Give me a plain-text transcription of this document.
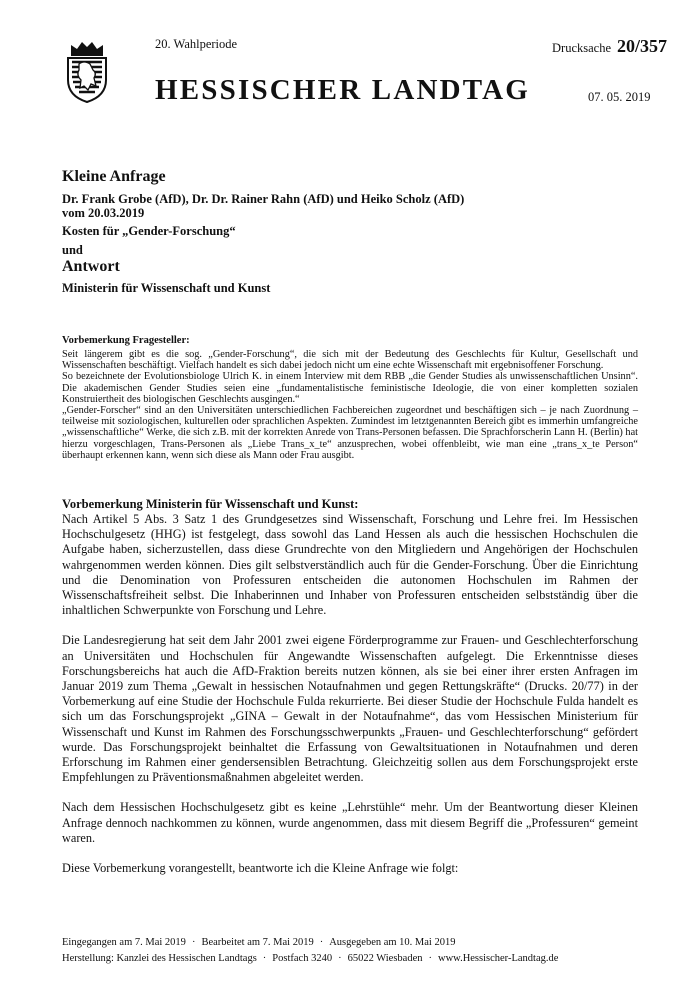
20. Wahlperiode	Drucksache 20/357
HESSISCHER LANDTAG	07. 05. 2019
Kleine Anfrage
Dr. Frank Grobe (AfD), Dr. Dr. Rainer Rahn (AfD) und Heiko Scholz (AfD)
vom 20.03.2019
Kosten für „Gender-Forschung“
und
Antwort
Ministerin für Wissenschaft und Kunst
Vorbemerkung Fragesteller:

Seit längerem gibt es die sog. „Gender-Forschung“, die sich mit der Bedeutung des Geschlechts für Kultur, Gesellschaft und Wissenschaften beschäftigt. Vielfach handelt es sich dabei jedoch nicht um eine echte Wissenschaft mit ergebnisoffener Forschung.

So bezeichnete der Evolutionsbiologe Ulrich K. in einem Interview mit dem RBB „die Gender Studies als unwissenschaftlichen Unsinn“. Die akademischen Gender Studies seien eine „fundamentalistische feministische Ideologie, die von einer kompletten sozialen Konstruiertheit des biologischen Geschlechts ausgingen.“

„Gender-Forscher“ sind an den Universitäten unterschiedlichen Fachbereichen zugeordnet und beschäftigen sich – je nach Zuordnung – teilweise mit soziologischen, kulturellen oder sprachlichen Aspekten. Zumindest im letztgenannten Bereich gibt es immerhin umfangreiche „wissenschaftliche“ Werke, die sich z.B. mit der korrekten Anrede von Trans-Personen befassen. Die Sprachforscherin Lann H. (Berlin) hat hierzu vorgeschlagen, Trans-Personen als „Liebe Trans_x_te“ anzusprechen, wobei offenbleibt, wie man eine „trans_x_te Person“ überhaupt erkennen kann, wenn sich diese als Mann oder Frau ausgibt.

Vorbemerkung Ministerin für Wissenschaft und Kunst:

Nach Artikel 5 Abs. 3 Satz 1 des Grundgesetzes sind Wissenschaft, Forschung und Lehre frei. Im Hessischen Hochschulgesetz (HHG) ist festgelegt, dass sowohl das Land Hessen als auch die hessischen Hochschulen die Aufgabe haben, sicherzustellen, dass diese Grundrechte von den Mitgliedern und Angehörigen der Hochschulen wahrgenommen werden können. Dies gilt selbstverständlich auch für die Gender-Forschung. Über die Einrichtung und die Denomination von Professuren entscheiden die autonomen Hochschulen im Rahmen der Wissenschaftsfreiheit selbst. Die Inhaberinnen und Inhaber von Professuren entscheiden selbstständig über die inhaltlichen Schwerpunkte von Forschung und Lehre.

Die Landesregierung hat seit dem Jahr 2001 zwei eigene Förderprogramme zur Frauen- und Geschlechterforschung an Universitäten und Hochschulen für Angewandte Wissenschaften aufgelegt. Die Erkenntnisse dieses Forschungsbereichs hat auch die AfD-Fraktion bereits nutzen können, als sie bei einer ihrer ersten Anfragen im Januar 2019 zum Thema „Gewalt in hessischen Notaufnahmen und gegen Rettungskräfte“ (Drucks. 20/77) in der Vorbemerkung auf eine Studie der Hochschule Fulda rekurrierte. Bei dieser Studie der Hochschule Fulda handelt es sich um das Forschungsprojekt „GINA – Gewalt in der Notaufnahme“, das vom Hessischen Ministerium für Wissenschaft und Kunst im Rahmen des Forschungsschwerpunkts „Frauen- und Geschlechterforschung“ gefördert wurde. Das Forschungsprojekt beinhaltet die Erfassung von Gewaltsituationen in Notaufnahmen und deren Erforschung im Rahmen einer gendersensiblen Betrachtung. Gleichzeitig sollen aus dem Forschungsprojekt erste Empfehlungen zu Präventionsmaßnahmen abgeleitet werden.

Nach dem Hessischen Hochschulgesetz gibt es keine „Lehrstühle“ mehr. Um der Beantwortung dieser Kleinen Anfrage dennoch nachkommen zu können, wurde angenommen, dass mit diesem Begriff die „Professuren“ gemeint waren.

Diese Vorbemerkung vorangestellt, beantworte ich die Kleine Anfrage wie folgt:

Eingegangen am 7. Mai 2019 · Bearbeitet am 7. Mai 2019 · Ausgegeben am 10. Mai 2019
Herstellung: Kanzlei des Hessischen Landtags · Postfach 3240 · 65022 Wiesbaden · www.Hessischer-Landtag.de
